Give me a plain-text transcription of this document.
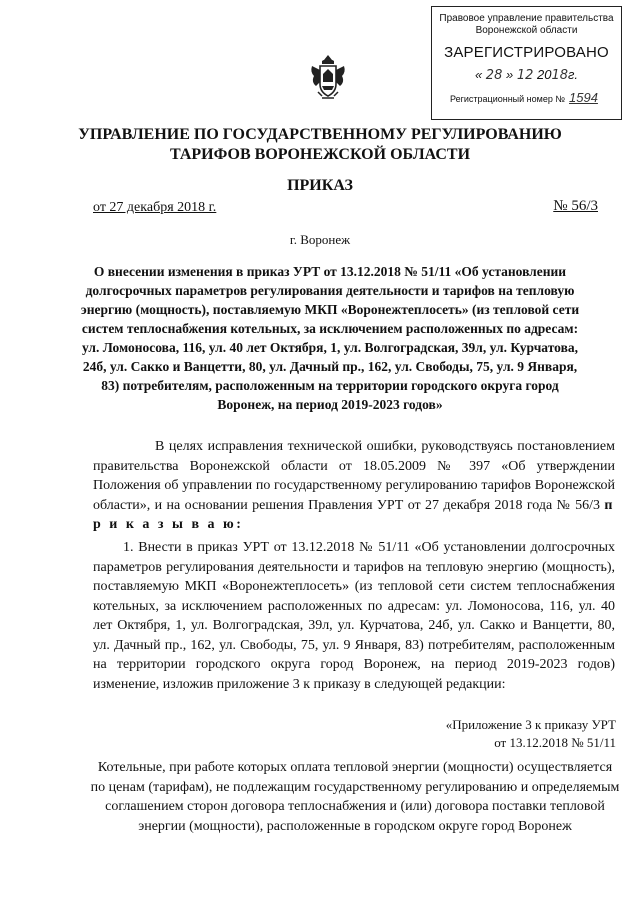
Правовое управление правительства
Воронежской области
ЗАРЕГИСТРИРОВАНО
« 28 » 12 2018г.
Регистрационный номер № 1594
УПРАВЛЕНИЕ ПО ГОСУДАРСТВЕННОМУ РЕГУЛИРОВАНИЮ
ТАРИФОВ ВОРОНЕЖСКОЙ ОБЛАСТИ
ПРИКАЗ
от 27 декабря 2018 г.	№ 56/3
г. Воронеж
О внесении изменения в приказ УРТ от 13.12.2018 № 51/11 «Об установлении долгосрочных параметров регулирования деятельности и тарифов на тепловую энергию (мощность), поставляемую МКП «Воронежтеплосеть» (из тепловой сети систем теплоснабжения котельных, за исключением расположенных по адресам: ул. Ломоносова, 116, ул. 40 лет Октября, 1, ул. Волгоградская, 39л, ул. Курчатова, 24б, ул. Сакко и Ванцетти, 80, ул. Дачный пр., 162, ул. Свободы, 75, ул. 9 Января, 83) потребителям, расположенным на территории городского округа город Воронеж, на период 2019-2023 годов»
В целях исправления технической ошибки, руководствуясь постановлением правительства Воронежской области от 18.05.2009 № 397 «Об утверждении Положения об управлении по государственному регулированию тарифов Воронежской области», и на основании решения Правления УРТ от 27 декабря 2018 года № 56/3 п р и к а з ы в а ю:
1. Внести в приказ УРТ от 13.12.2018 № 51/11 «Об установлении долгосрочных параметров регулирования деятельности и тарифов на тепловую энергию (мощность), поставляемую МКП «Воронежтеплосеть» (из тепловой сети систем теплоснабжения котельных, за исключением расположенных по адресам: ул. Ломоносова, 116, ул. 40 лет Октября, 1, ул. Волгоградская, 39л, ул. Курчатова, 24б, ул. Сакко и Ванцетти, 80, ул. Дачный пр., 162, ул. Свободы, 75, ул. 9 Января, 83) потребителям, расположенным на территории городского округа город Воронеж, на период 2019-2023 годов) изменение, изложив приложение 3 к приказу в следующей редакции:
«Приложение 3 к приказу УРТ
от 13.12.2018 № 51/11
Котельные, при работе которых оплата тепловой энергии (мощности) осуществляется по ценам (тарифам), не подлежащим государственному регулированию и определяемым соглашением сторон договора теплоснабжения и (или) договора поставки тепловой энергии (мощности), расположенные в городском округе город Воронеж
